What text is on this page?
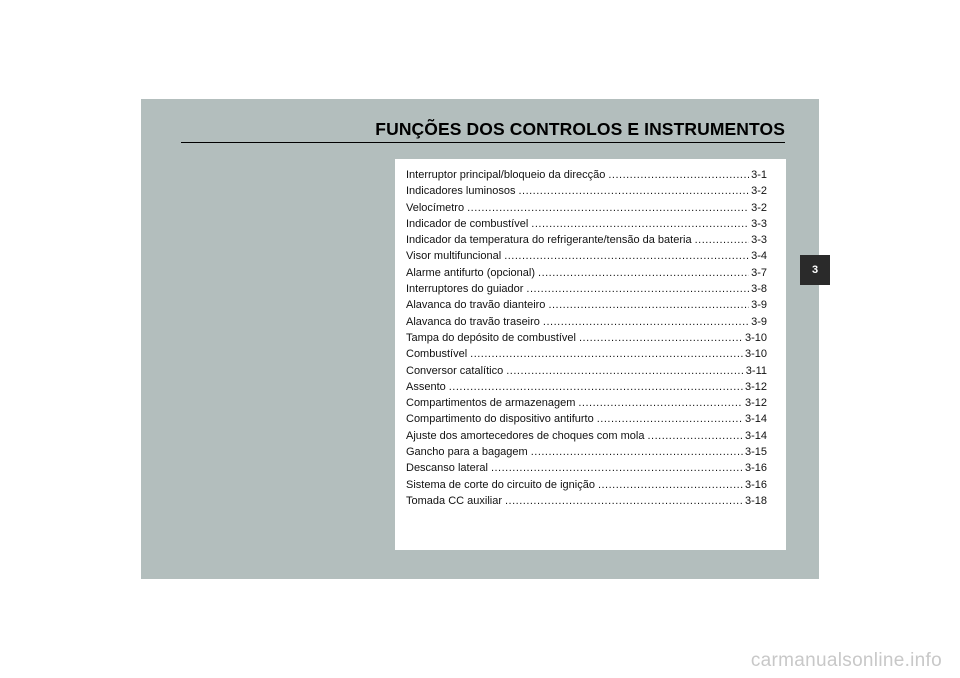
FUNÇÕES DOS CONTROLOS E INSTRUMENTOS
Interruptor principal/bloqueio da direcção .....	3-1
Indicadores luminosos .....	3-2
Velocímetro .....	3-2
Indicador de combustível .....	3-3
Indicador da temperatura do refrigerante/tensão da bateria .....	3-3
Visor multifuncional .....	3-4
Alarme antifurto (opcional) .....	3-7
Interruptores do guiador .....	3-8
Alavanca do travão dianteiro .....	3-9
Alavanca do travão traseiro .....	3-9
Tampa do depósito de combustível .....	3-10
Combustível .....	3-10
Conversor catalítico .....	3-11
Assento .....	3-12
Compartimentos de armazenagem .....	3-12
Compartimento do dispositivo antifurto .....	3-14
Ajuste dos amortecedores de choques com mola .....	3-14
Gancho para a bagagem .....	3-15
Descanso lateral .....	3-16
Sistema de corte do circuito de ignição .....	3-16
Tomada CC auxiliar .....	3-18
3
carmanualsonline.info
